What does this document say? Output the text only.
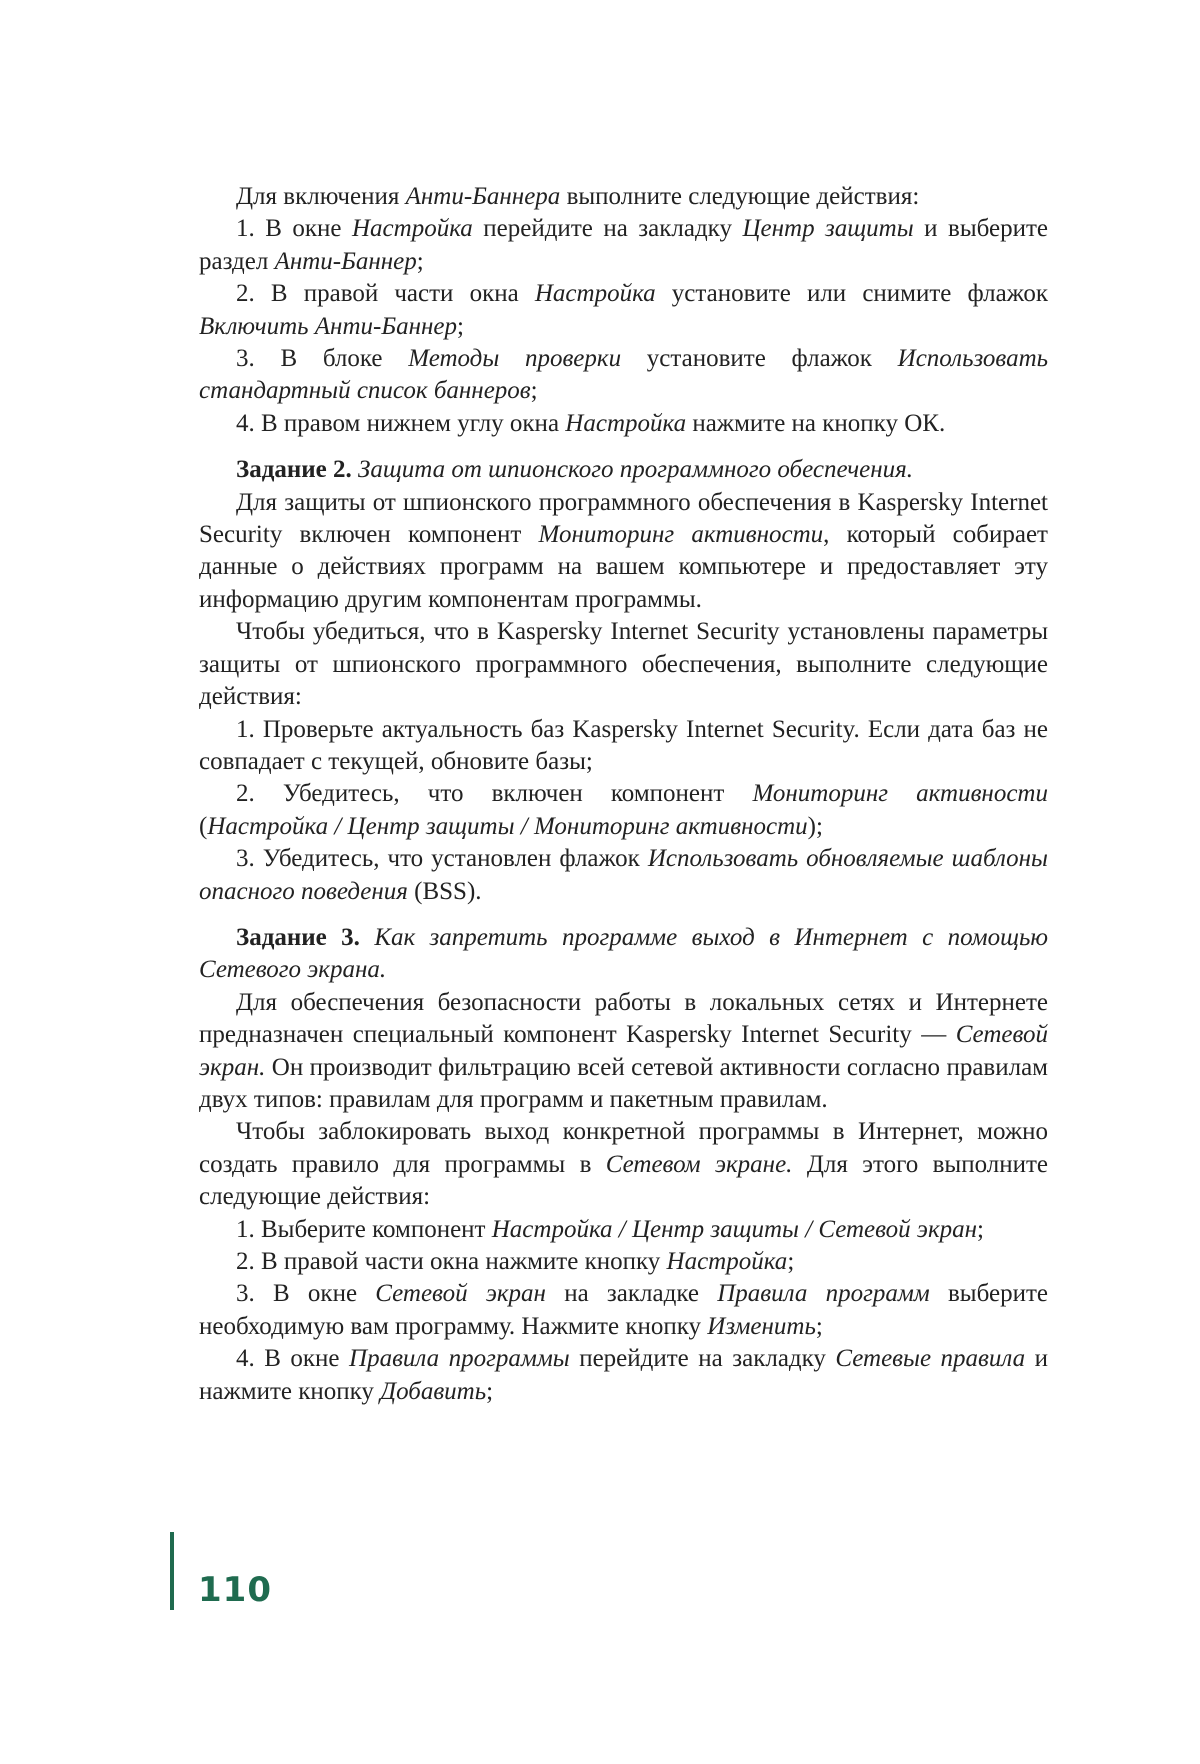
Для включения Анти-Баннера выполните следующие действия:

1. В окне Настройка перейдите на закладку Центр защиты и выберите раздел Анти-Баннер;

2. В правой части окна Настройка установите или снимите флажок Включить Анти-Баннер;

3. В блоке Методы проверки установите флажок Использовать стандартный список баннеров;

4. В правом нижнем углу окна Настройка нажмите на кнопку ОК.

Задание 2. Защита от шпионского программного обеспечения.

Для защиты от шпионского программного обеспечения в Kaspersky Internet Security включен компонент Мониторинг активности, который собирает данные о действиях программ на вашем компьютере и предоставляет эту информацию другим компонентам программы.

Чтобы убедиться, что в Kaspersky Internet Security установлены параметры защиты от шпионского программного обеспечения, выполните следующие действия:

1. Проверьте актуальность баз Kaspersky Internet Security. Если дата баз не совпадает с текущей, обновите базы;

2. Убедитесь, что включен компонент Мониторинг активности (Настройка / Центр защиты / Мониторинг активности);

3. Убедитесь, что установлен флажок Использовать обновляемые шаблоны опасного поведения (BSS).

Задание 3. Как запретить программе выход в Интернет с помощью Сетевого экрана.

Для обеспечения безопасности работы в локальных сетях и Интернете предназначен специальный компонент Kaspersky Internet Security — Сетевой экран. Он производит фильтрацию всей сетевой активности согласно правилам двух типов: правилам для программ и пакетным правилам.

Чтобы заблокировать выход конкретной программы в Интернет, можно создать правило для программы в Сетевом экране. Для этого выполните следующие действия:

1. Выберите компонент Настройка / Центр защиты / Сетевой экран;

2. В правой части окна нажмите кнопку Настройка;

3. В окне Сетевой экран на закладке Правила программ выберите необходимую вам программу. Нажмите кнопку Изменить;

4. В окне Правила программы перейдите на закладку Сетевые правила и нажмите кнопку Добавить;

110
